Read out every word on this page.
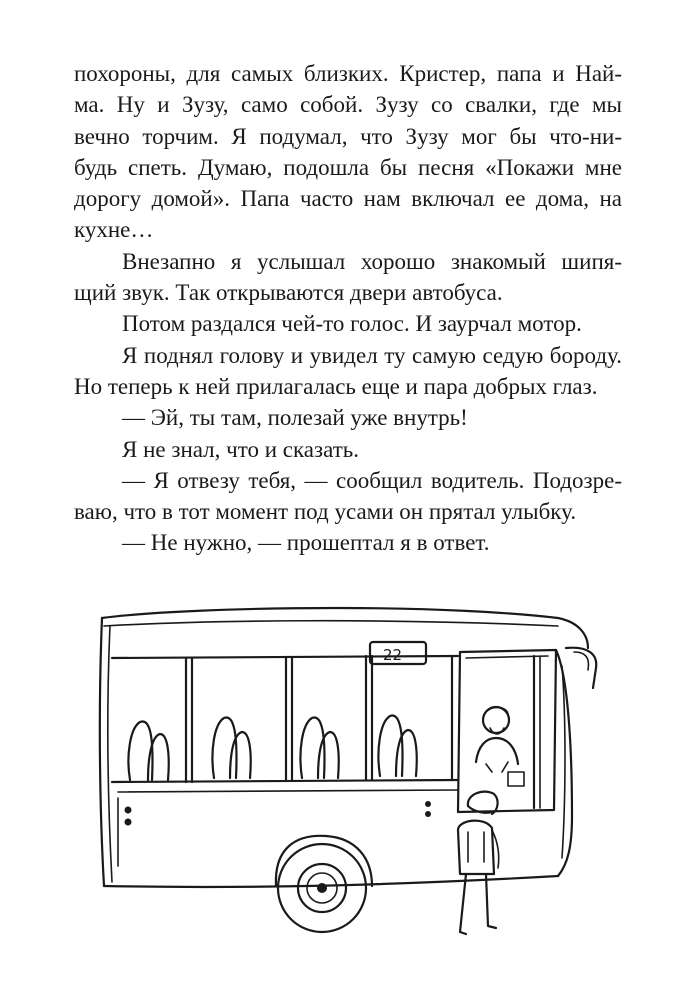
похороны, для самых близких. Кристер, папа и Най-
ма. Ну и Зузу, само собой. Зузу со свалки, где мы
вечно торчим. Я подумал, что Зузу мог бы что-ни-
будь спеть. Думаю, подошла бы песня «Покажи мне
дорогу домой». Папа часто нам включал ее дома, на
кухне…

Внезапно я услышал хорошо знакомый шипя-
щий звук. Так открываются двери автобуса.

Потом раздался чей-то голос. И заурчал мотор.

Я поднял голову и увидел ту самую седую бороду.
Но теперь к ней прилагалась еще и пара добрых глаз.

— Эй, ты там, полезай уже внутрь!

Я не знал, что и сказать.

— Я отвезу тебя, — сообщил водитель. Подозре-
ваю, что в тот момент под усами он прятал улыбку.

— Не нужно, — прошептал я в ответ.

22
